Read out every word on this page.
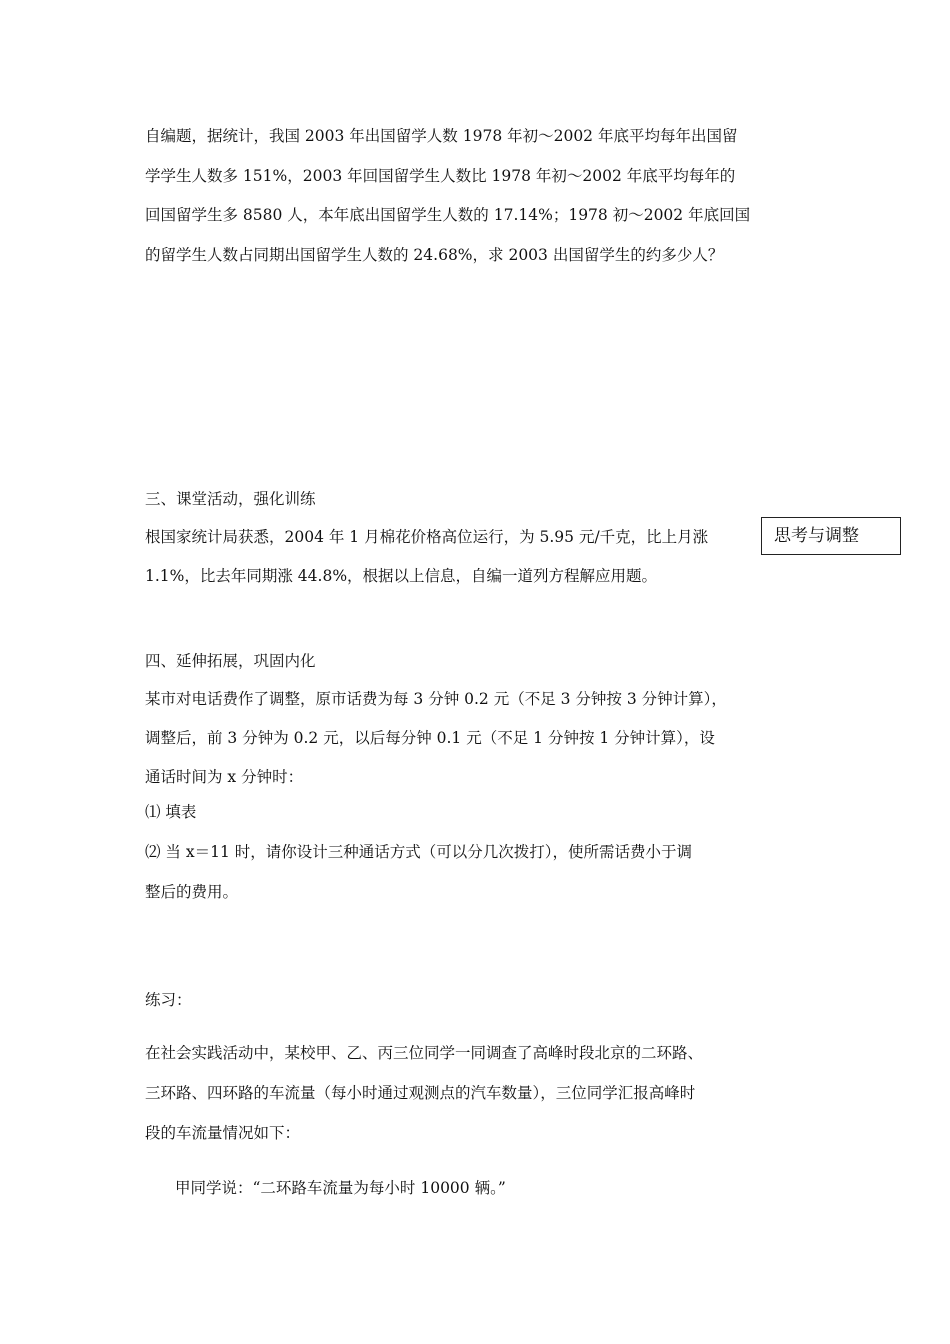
自编题，据统计，我国 2003 年出国留学人数 1978 年初～2002 年底平均每年出国留
学学生人数多 151%，2003 年回国留学生人数比 1978 年初～2002 年底平均每年的
回国留学生多 8580 人，本年底出国留学生人数的 17.14%；1978 初～2002 年底回国
的留学生人数占同期出国留学生人数的 24.68%，求 2003 出国留学生的约多少人？
三、课堂活动，强化训练
根国家统计局获悉，2004 年 1 月棉花价格高位运行，为 5.95 元/千克，比上月涨
1.1%，比去年同期涨 44.8%，根据以上信息，自编一道列方程解应用题。
思考与调整
四、延伸拓展，巩固内化
某市对电话费作了调整，原市话费为每 3 分钟 0.2 元（不足 3 分钟按 3 分钟计算），
调整后，前 3 分钟为 0.2 元，以后每分钟 0.1 元（不足 1 分钟按 1 分钟计算），设
通话时间为 x 分钟时：
⑴ 填表
⑵ 当 x＝11 时，请你设计三种通话方式（可以分几次拨打），使所需话费小于调
整后的费用。
练习：
在社会实践活动中，某校甲、乙、丙三位同学一同调查了高峰时段北京的二环路、
三环路、四环路的车流量（每小时通过观测点的汽车数量），三位同学汇报高峰时
段的车流量情况如下：
甲同学说：“二环路车流量为每小时 10000 辆。”
